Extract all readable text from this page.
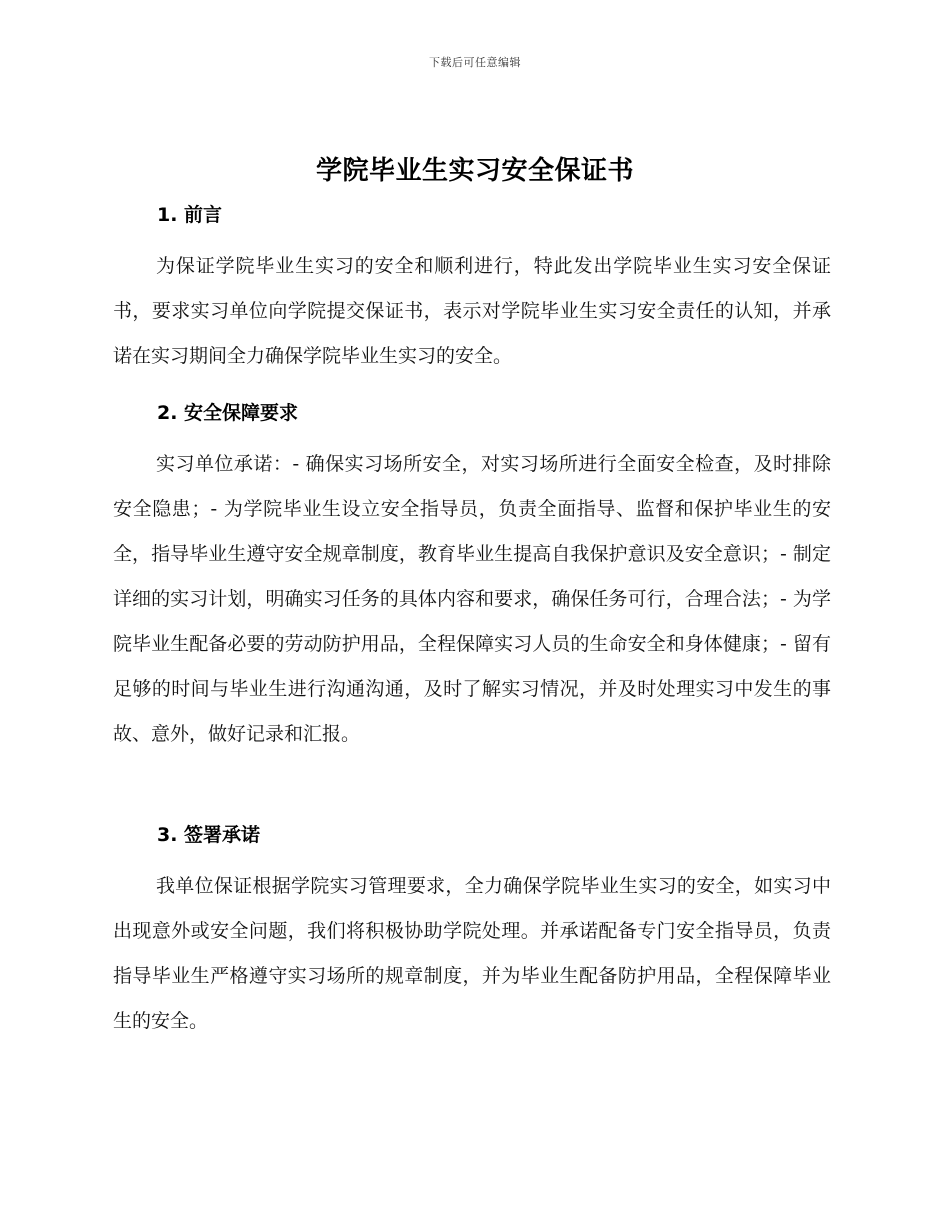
下载后可任意编辑
学院毕业生实习安全保证书
1. 前言

为保证学院毕业生实习的安全和顺利进行，特此发出学院毕业生实习安全保证书，要求实习单位向学院提交保证书，表示对学院毕业生实习安全责任的认知，并承诺在实习期间全力确保学院毕业生实习的安全。

2. 安全保障要求

实习单位承诺：- 确保实习场所安全，对实习场所进行全面安全检查，及时排除安全隐患；- 为学院毕业生设立安全指导员，负责全面指导、监督和保护毕业生的安全，指导毕业生遵守安全规章制度，教育毕业生提高自我保护意识及安全意识；- 制定详细的实习计划，明确实习任务的具体内容和要求，确保任务可行，合理合法；- 为学院毕业生配备必要的劳动防护用品，全程保障实习人员的生命安全和身体健康；- 留有足够的时间与毕业生进行沟通沟通，及时了解实习情况，并及时处理实习中发生的事故、意外，做好记录和汇报。

3. 签署承诺

我单位保证根据学院实习管理要求，全力确保学院毕业生实习的安全，如实习中出现意外或安全问题，我们将积极协助学院处理。并承诺配备专门安全指导员，负责指导毕业生严格遵守实习场所的规章制度，并为毕业生配备防护用品，全程保障毕业生的安全。
